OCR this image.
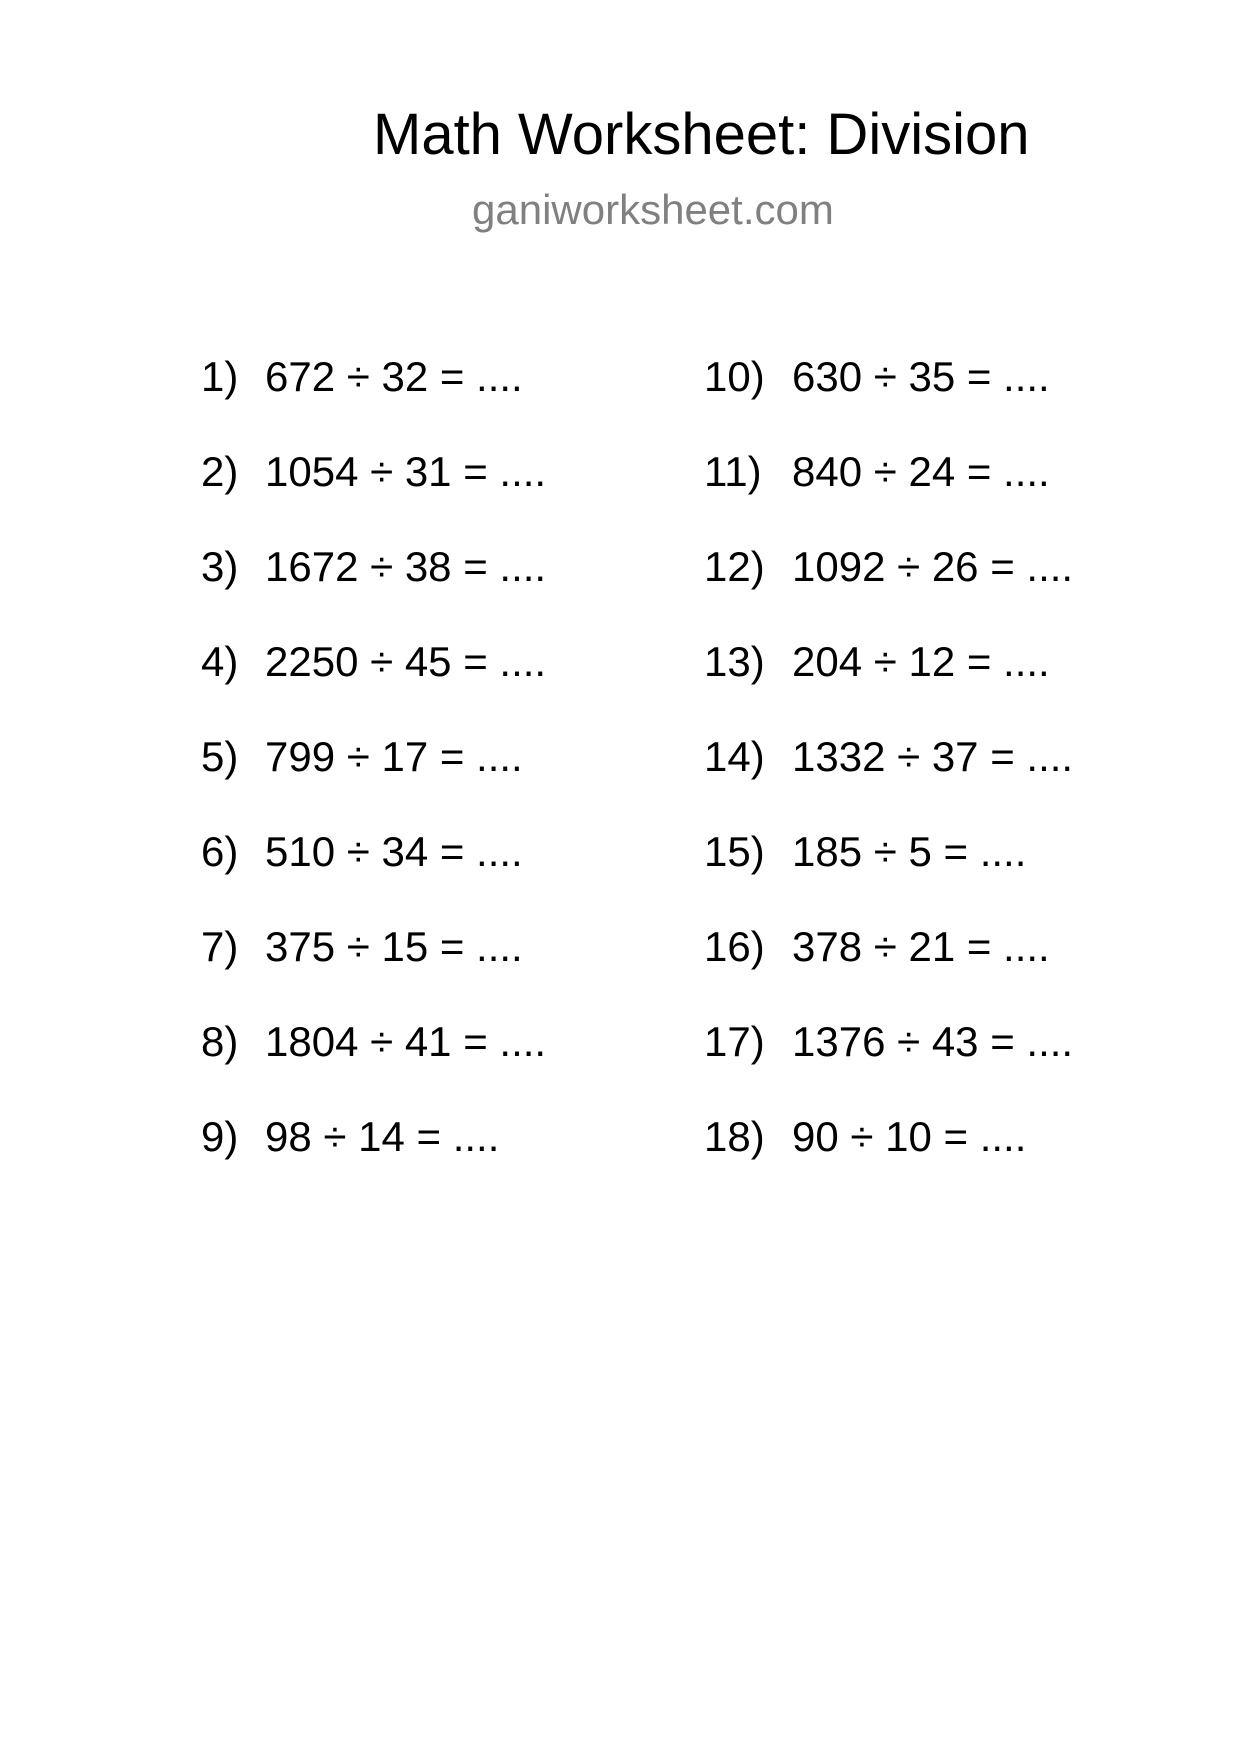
Math Worksheet: Division
ganiworksheet.com
1) 672 ÷ 32 = ....
2) 1054 ÷ 31 = ....
3) 1672 ÷ 38 = ....
4) 2250 ÷ 45 = ....
5) 799 ÷ 17 = ....
6) 510 ÷ 34 = ....
7) 375 ÷ 15 = ....
8) 1804 ÷ 41 = ....
9) 98 ÷ 14 = ....
10) 630 ÷ 35 = ....
11) 840 ÷ 24 = ....
12) 1092 ÷ 26 = ....
13) 204 ÷ 12 = ....
14) 1332 ÷ 37 = ....
15) 185 ÷ 5 = ....
16) 378 ÷ 21 = ....
17) 1376 ÷ 43 = ....
18) 90 ÷ 10 = ....
